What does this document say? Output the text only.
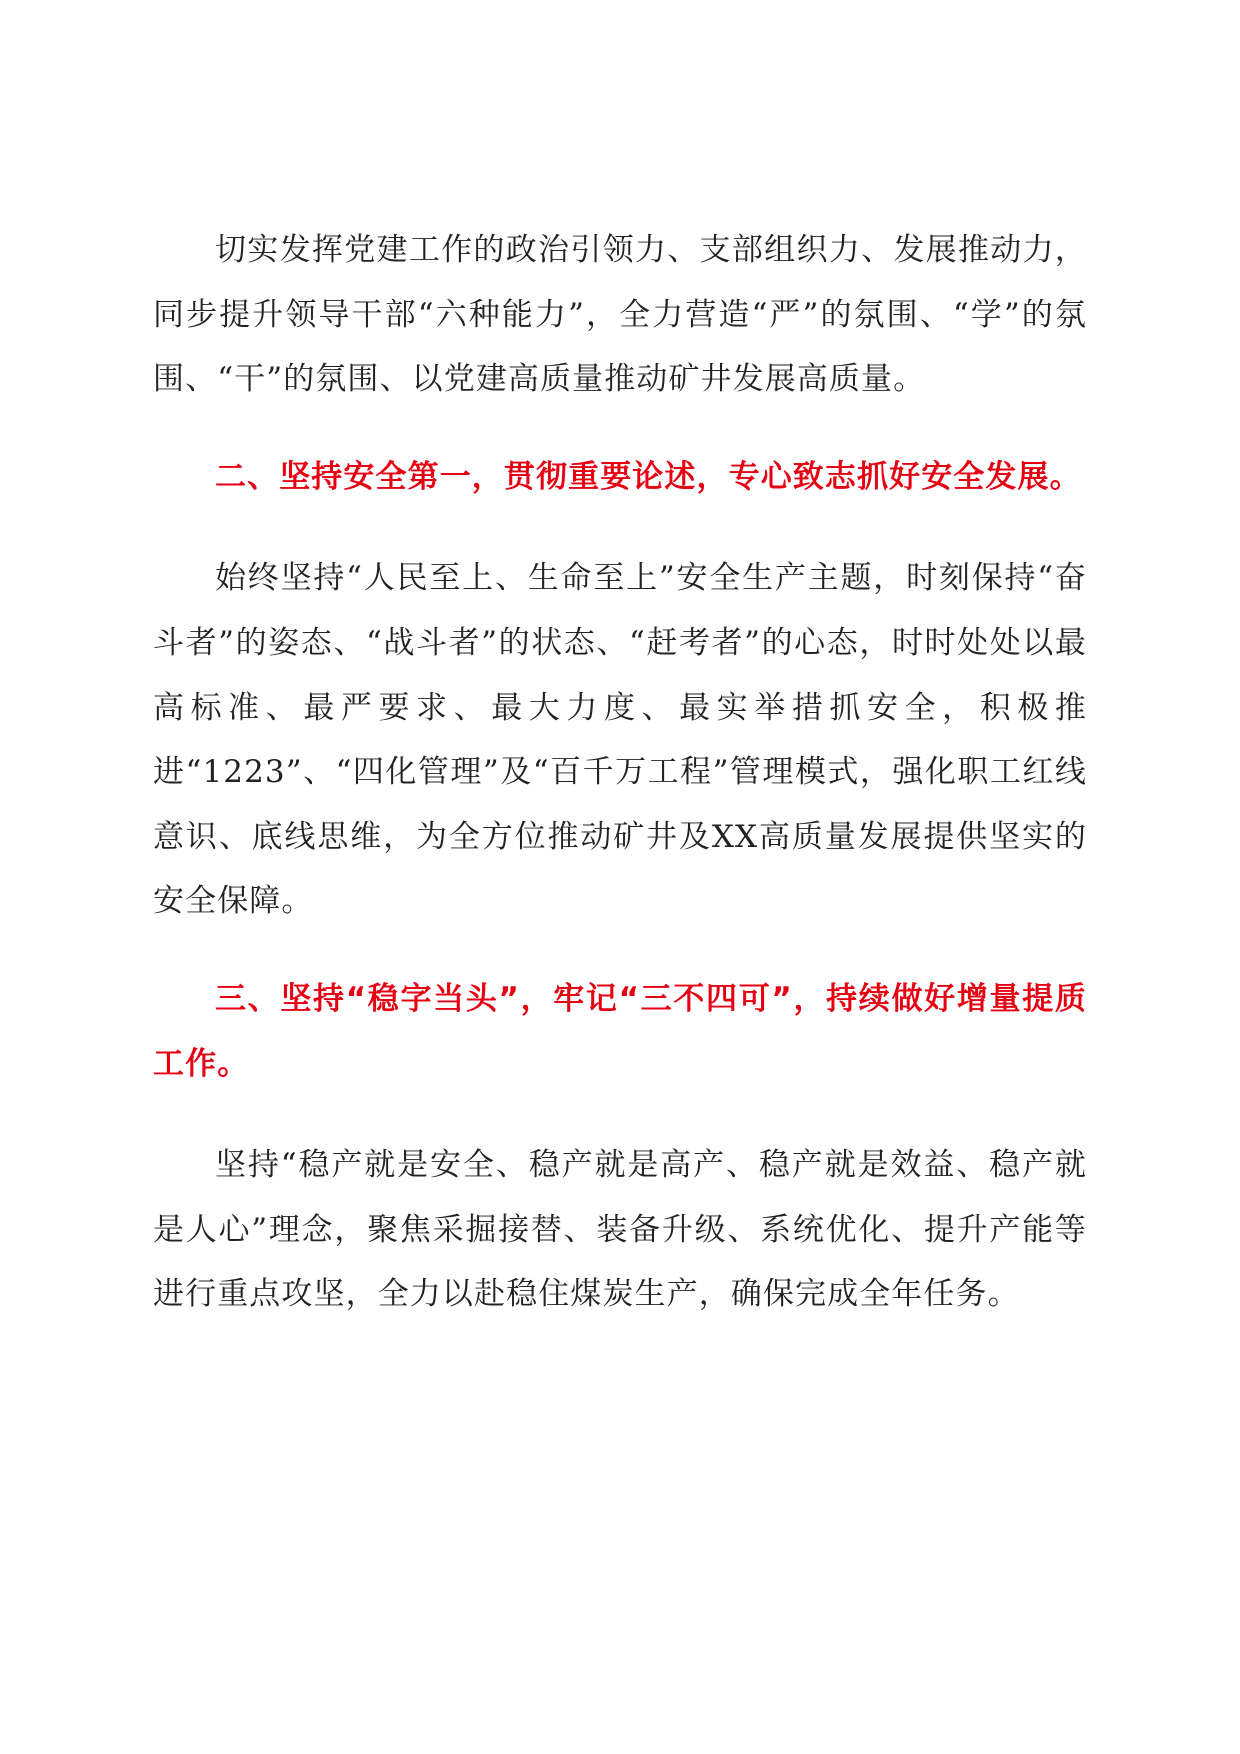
切实发挥党建工作的政治引领力、支部组织力、发展推动力，同步提升领导干部“六种能力”，全力营造“严”的氛围、“学”的氛围、“干”的氛围、以党建高质量推动矿井发展高质量。

二、坚持安全第一，贯彻重要论述，专心致志抓好安全发展。

始终坚持“人民至上、生命至上”安全生产主题，时刻保持“奋斗者”的姿态、“战斗者”的状态、“赶考者”的心态，时时处处以最高标准、最严要求、最大力度、最实举措抓安全，积极推进“1223”、“四化管理”及“百千万工程”管理模式，强化职工红线意识、底线思维，为全方位推动矿井及XX高质量发展提供坚实的安全保障。

三、坚持“稳字当头”，牢记“三不四可”，持续做好增量提质工作。

坚持“稳产就是安全、稳产就是高产、稳产就是效益、稳产就是人心”理念，聚焦采掘接替、装备升级、系统优化、提升产能等进行重点攻坚，全力以赴稳住煤炭生产，确保完成全年任务。
